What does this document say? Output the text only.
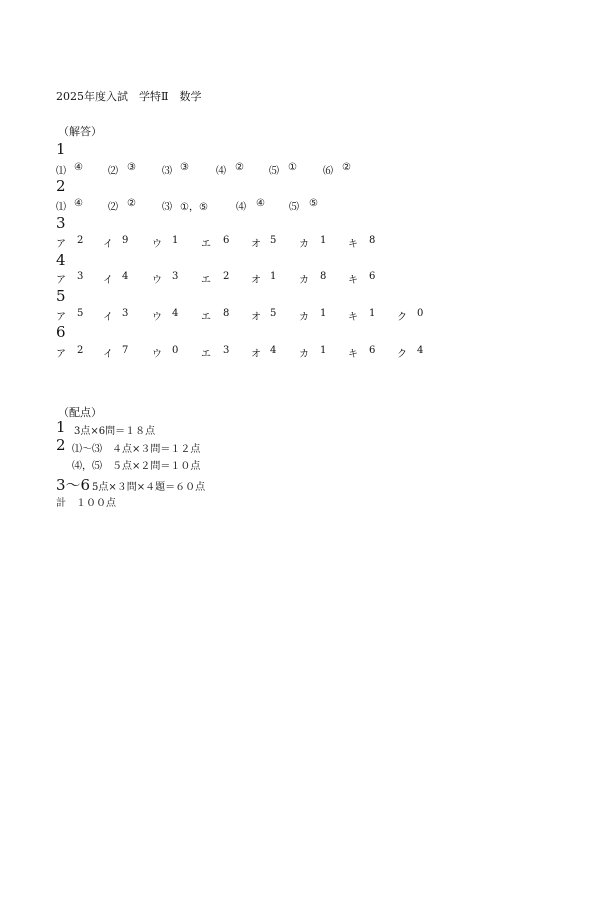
2025年度入試　学特Ⅱ　数学
（解答）
1
⑴ ④	⑵ ③	⑶ ③	⑷ ②	⑸ ①	⑹ ②
2
⑴ ④	⑵ ②	⑶ ①，⑤	⑷ ④ ⑸ ⑤
3
ア 2 イ 9 ウ 1 エ 6 オ 5 カ 1 キ 8
4
ア 3 イ 4 ウ 3 エ 2 オ 1 カ 8 キ 6
5
ア 5 イ 3 ウ 4 エ 8 オ 5 カ 1 キ 1 ク 0
6
ア 2 イ 7 ウ 0 エ 3 オ 4 カ 1 キ 6 ク 4
（配点）
1 3点×6問＝１８点
2 ⑴～⑶　４点×３問＝１２点
⑷，⑸　５点×２問＝１０点
3～6 5点×３問×４題＝６０点
計　１００点
